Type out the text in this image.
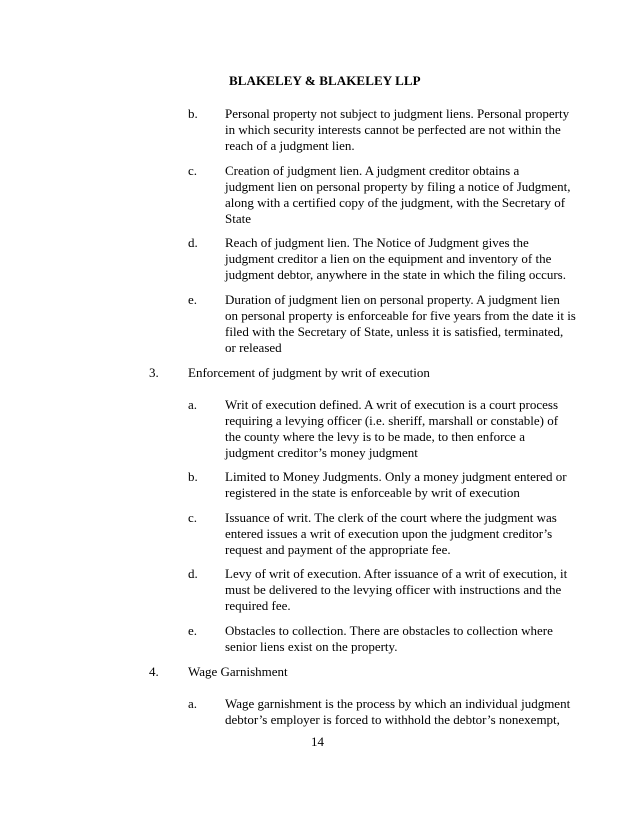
BLAKELEY & BLAKELEY LLP
b. Personal property not subject to judgment liens. Personal property
in which security interests cannot be perfected are not within the
reach of a judgment lien.
c. Creation of judgment lien. A judgment creditor obtains a
judgment lien on personal property by filing a notice of Judgment,
along with a certified copy of the judgment, with the Secretary of
State
d. Reach of judgment lien. The Notice of Judgment gives the
judgment creditor a lien on the equipment and inventory of the
judgment debtor, anywhere in the state in which the filing occurs.
e. Duration of judgment lien on personal property. A judgment lien
on personal property is enforceable for five years from the date it is
filed with the Secretary of State, unless it is satisfied, terminated,
or released
3. Enforcement of judgment by writ of execution
a. Writ of execution defined. A writ of execution is a court process
requiring a levying officer (i.e. sheriff, marshall or constable) of
the county where the levy is to be made, to then enforce a
judgment creditor’s money judgment
b. Limited to Money Judgments. Only a money judgment entered or
registered in the state is enforceable by writ of execution
c. Issuance of writ. The clerk of the court where the judgment was
entered issues a writ of execution upon the judgment creditor’s
request and payment of the appropriate fee.
d. Levy of writ of execution. After issuance of a writ of execution, it
must be delivered to the levying officer with instructions and the
required fee.
e. Obstacles to collection. There are obstacles to collection where
senior liens exist on the property.
4. Wage Garnishment
a. Wage garnishment is the process by which an individual judgment
debtor’s employer is forced to withhold the debtor’s nonexempt,
14
